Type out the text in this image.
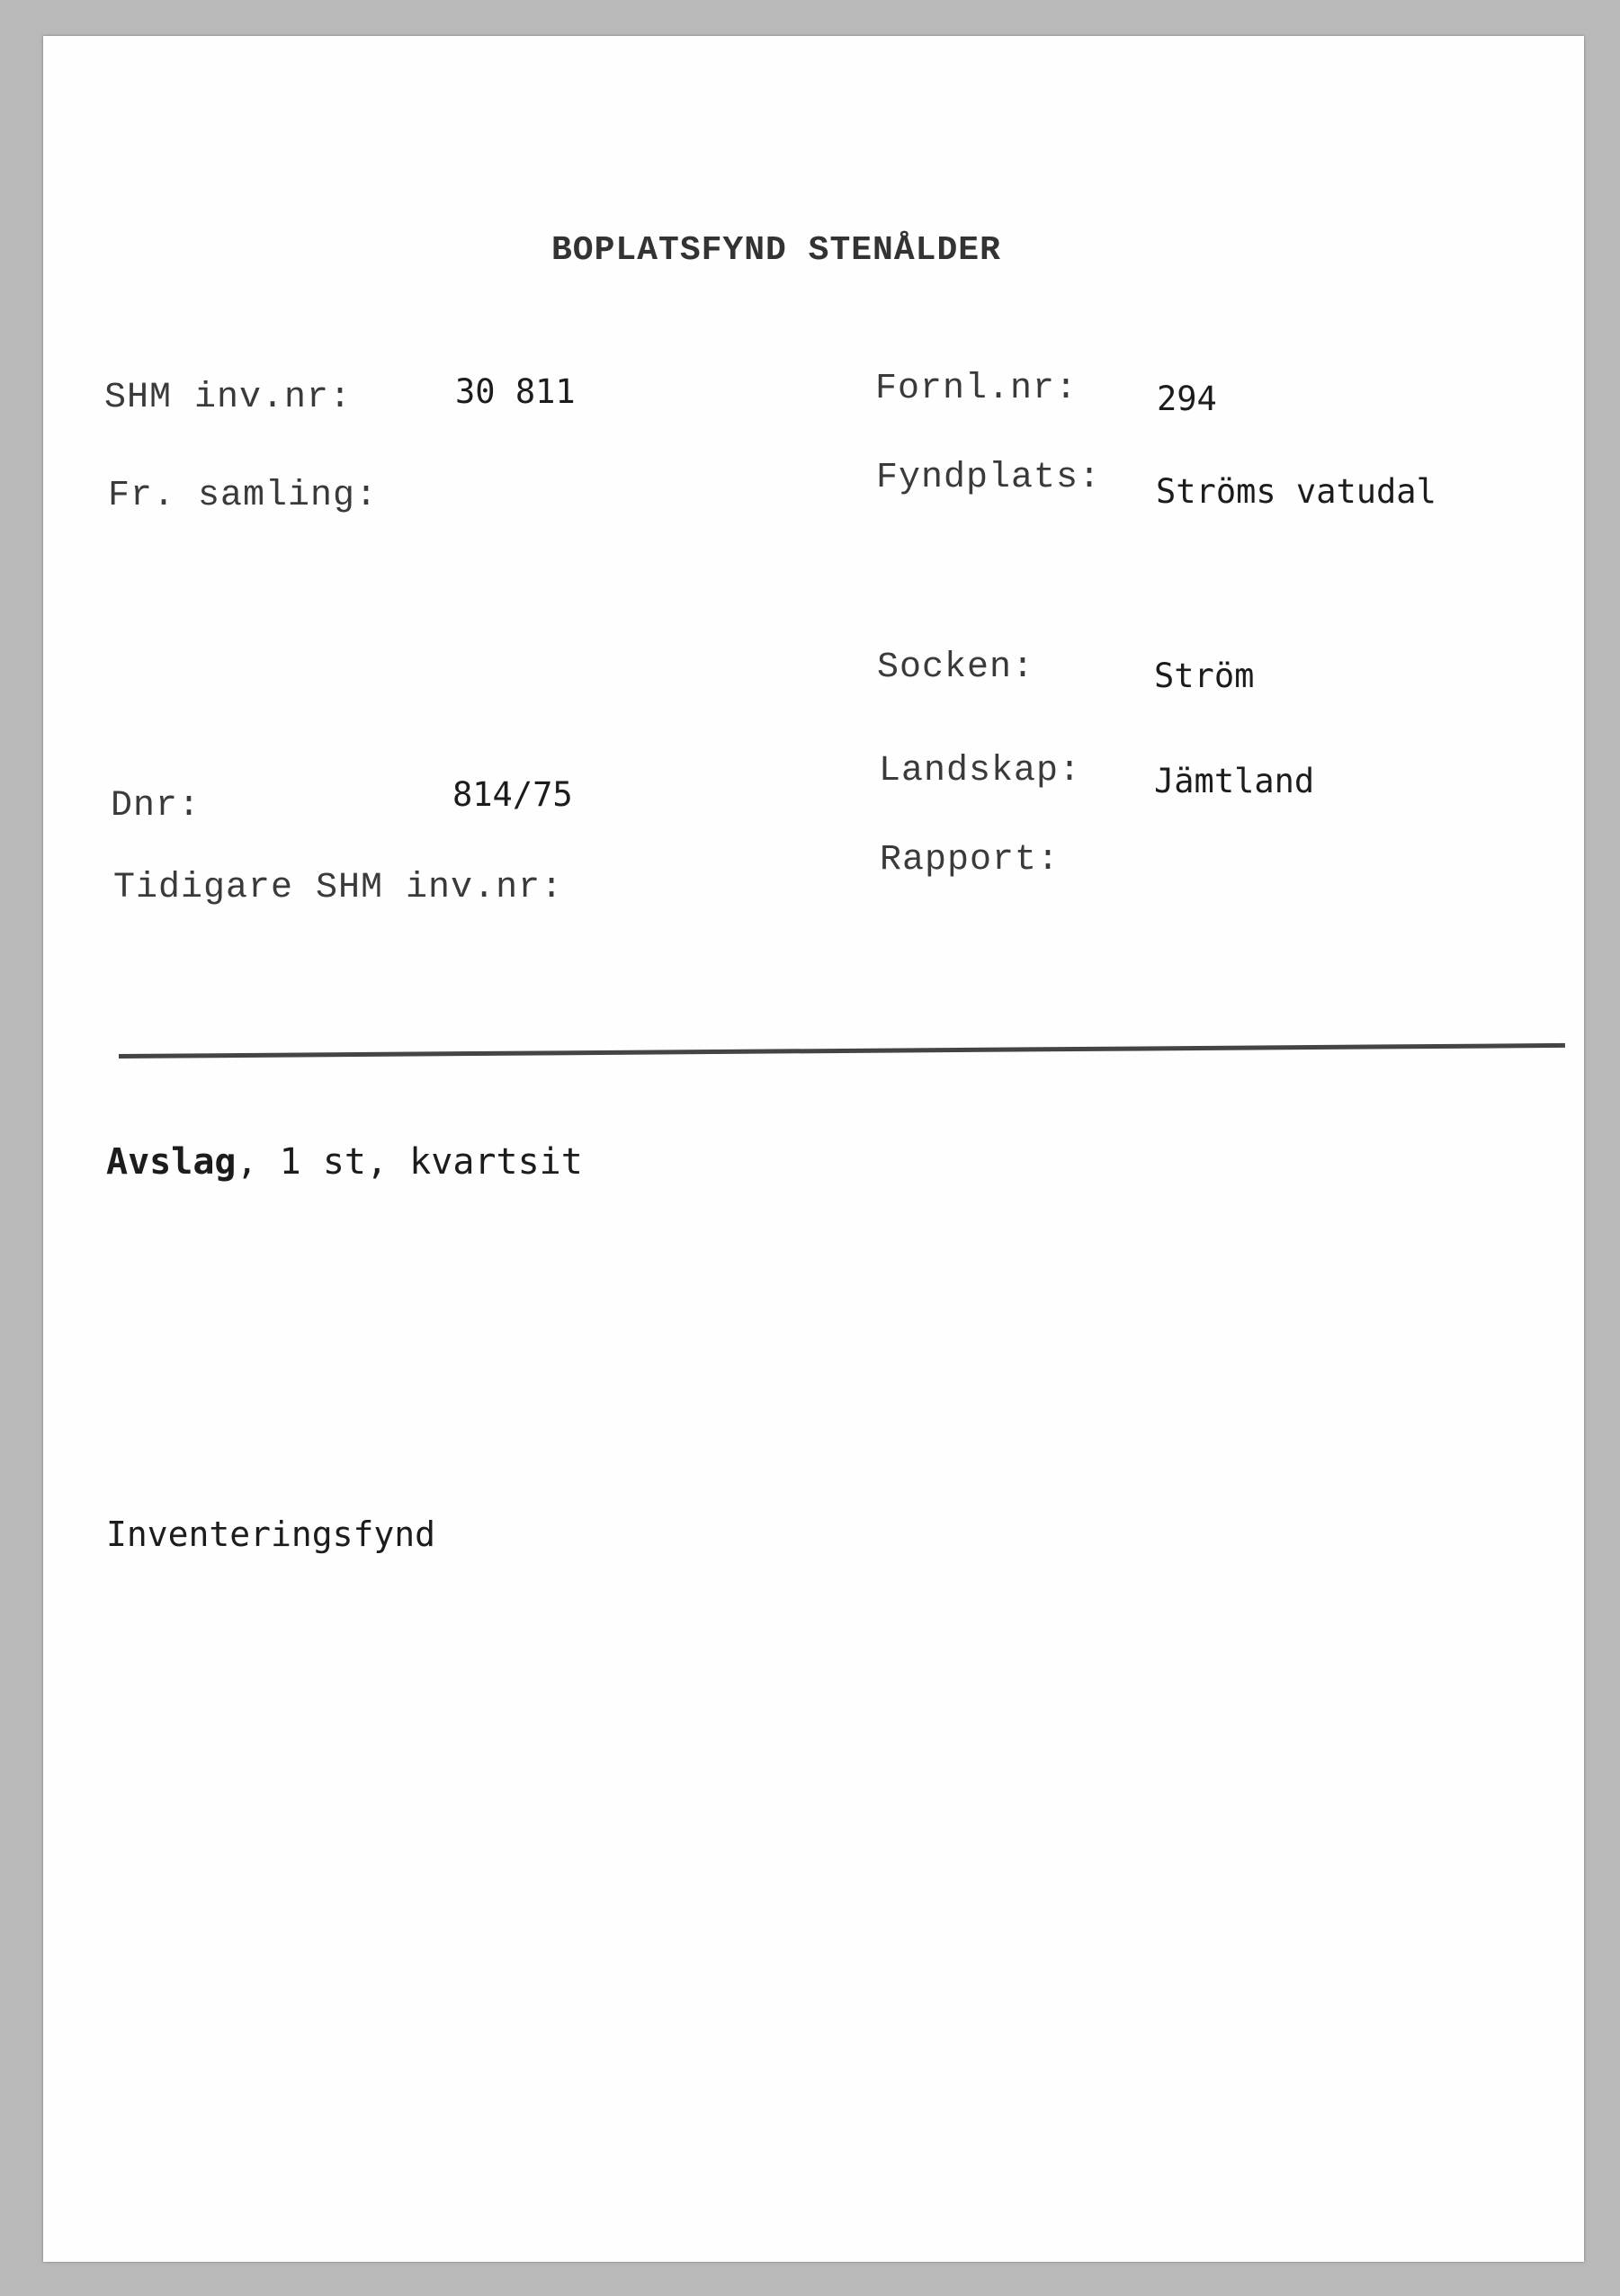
BOPLATSFYND STENÅLDER
SHM inv.nr:	30 811
Fr. samling:
Dnr:	814/75
Tidigare SHM inv.nr:
Fornl.nr: 294
Fyndplats: Ströms vatudal
Socken:	Ström
Landskap: Jämtland
Rapport:
Avslag, 1 st, kvartsit
Inventeringsfynd
